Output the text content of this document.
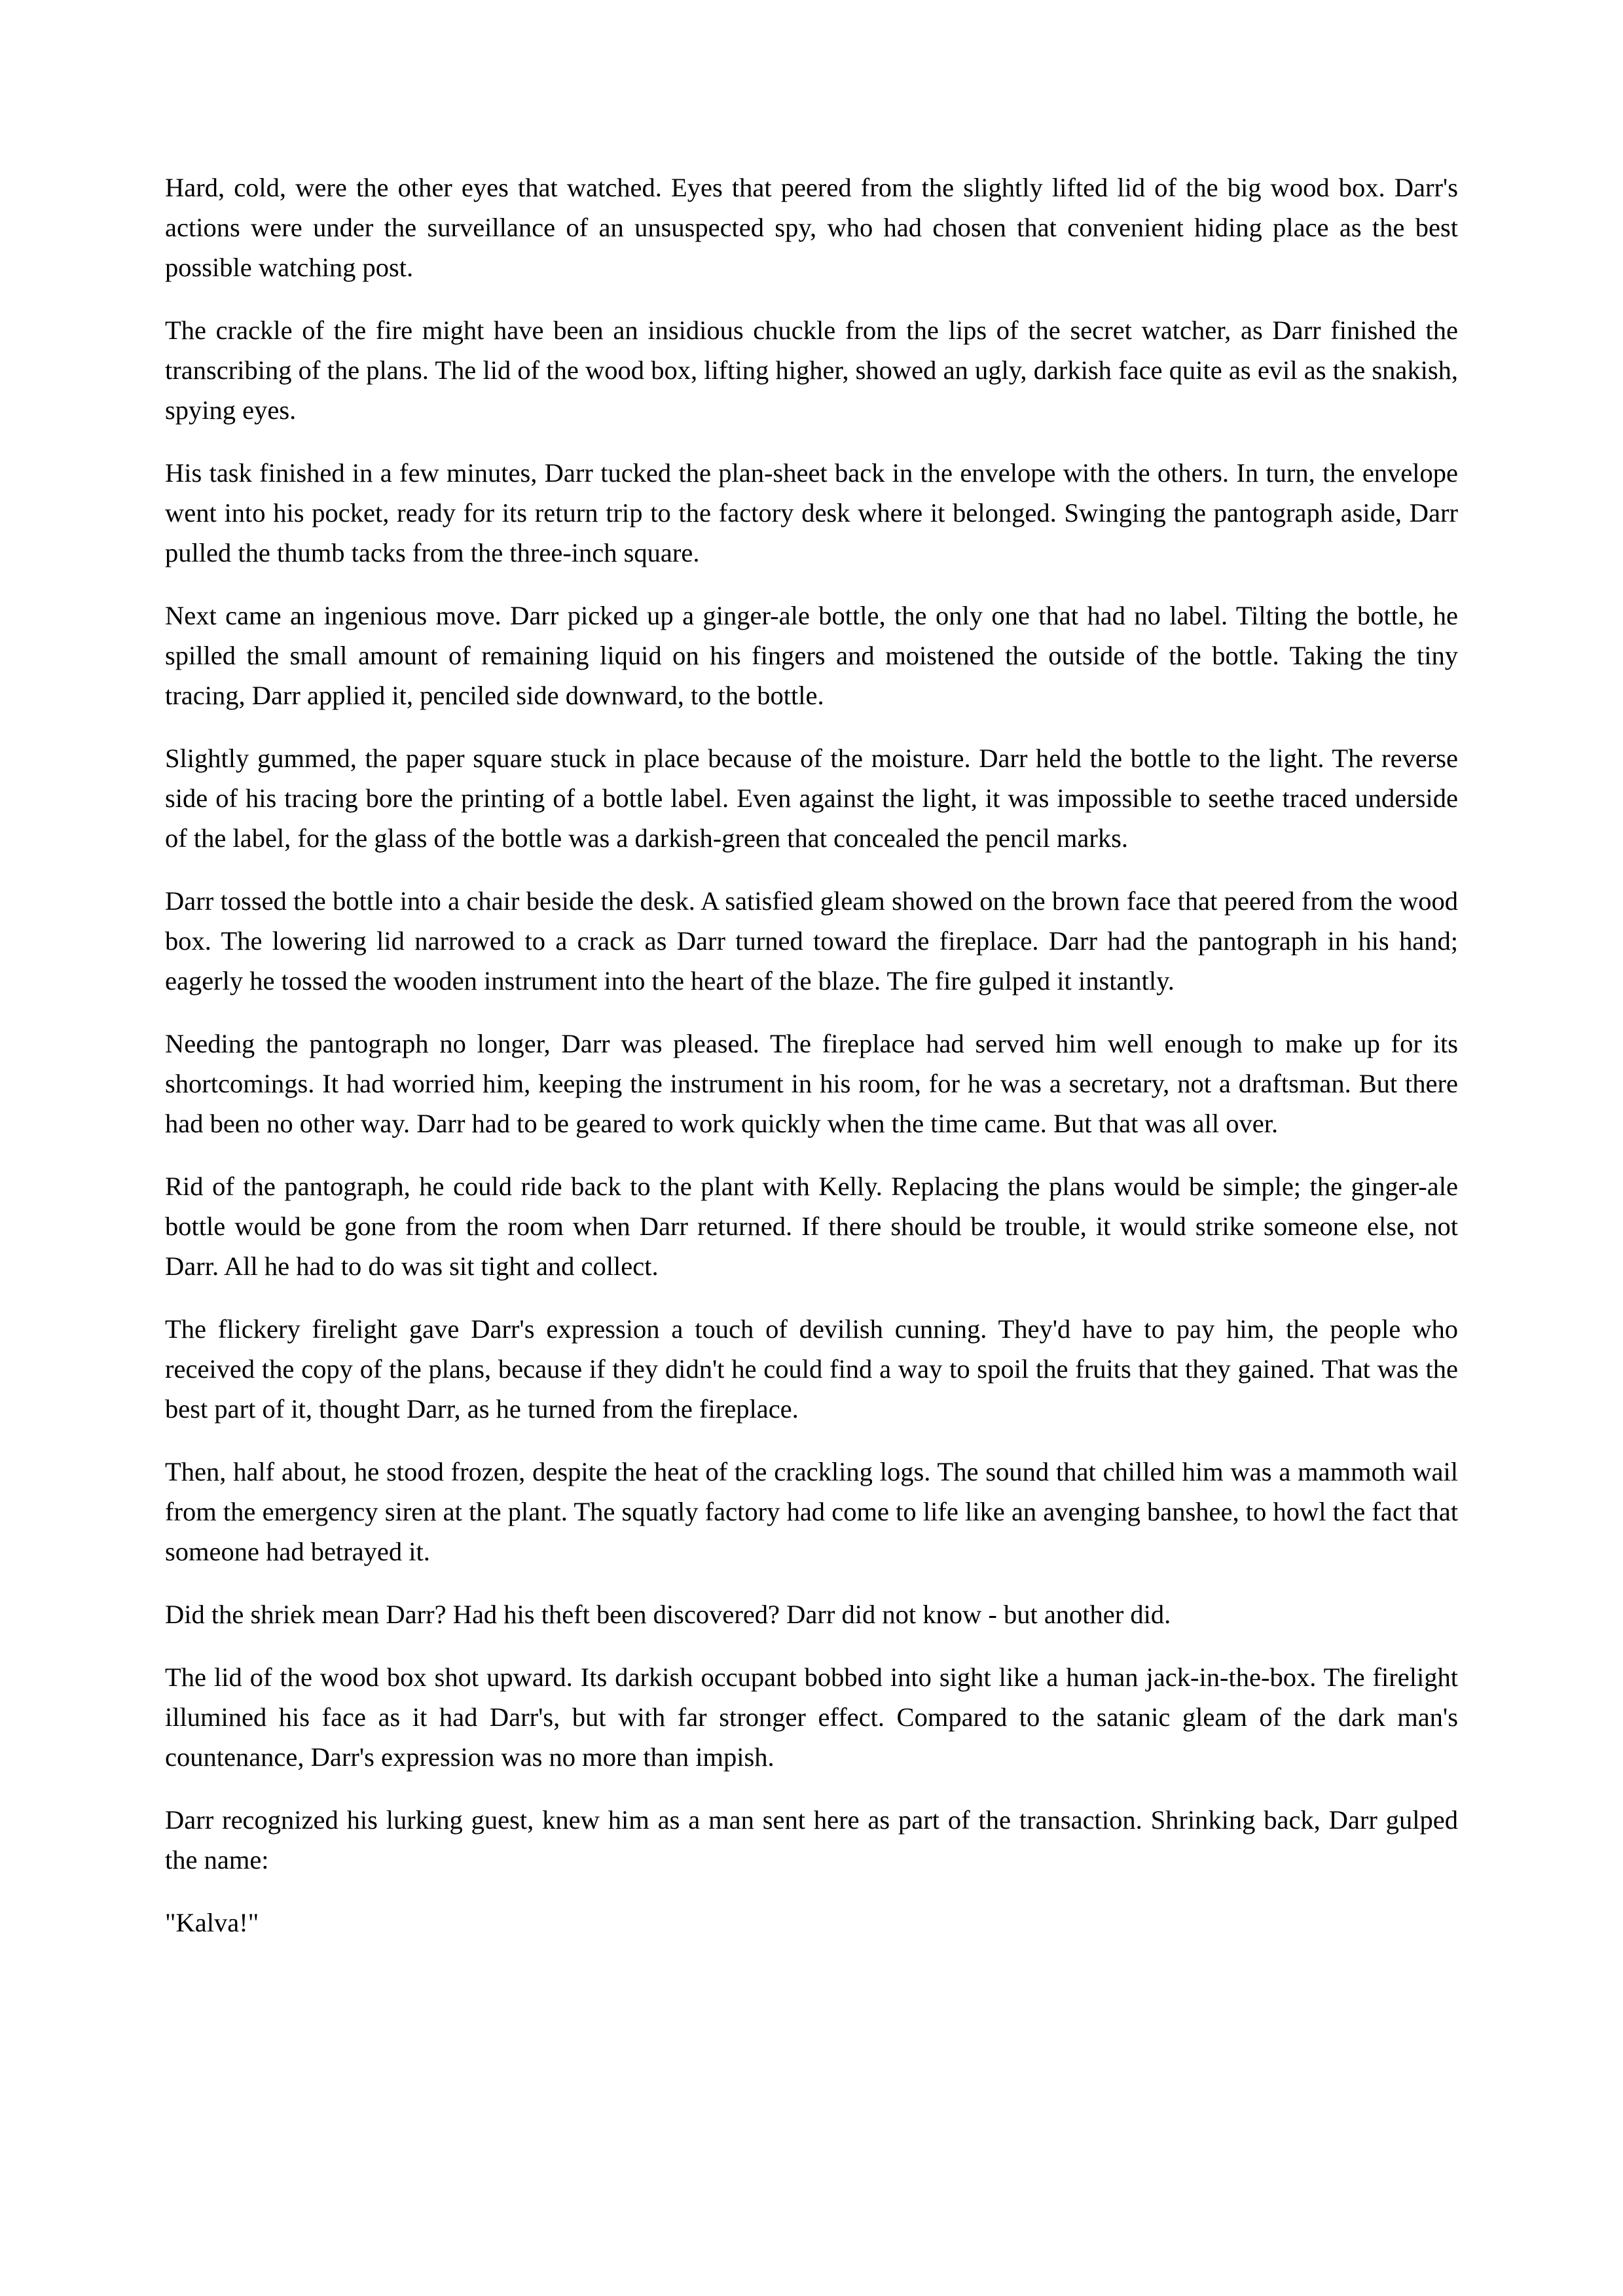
Hard, cold, were the other eyes that watched. Eyes that peered from the slightly lifted lid of the big wood box. Darr's actions were under the surveillance of an unsuspected spy, who had chosen that convenient hiding place as the best possible watching post.

The crackle of the fire might have been an insidious chuckle from the lips of the secret watcher, as Darr finished the transcribing of the plans. The lid of the wood box, lifting higher, showed an ugly, darkish face quite as evil as the snakish, spying eyes.

His task finished in a few minutes, Darr tucked the plan-sheet back in the envelope with the others. In turn, the envelope went into his pocket, ready for its return trip to the factory desk where it belonged. Swinging the pantograph aside, Darr pulled the thumb tacks from the three-inch square.

Next came an ingenious move. Darr picked up a ginger-ale bottle, the only one that had no label. Tilting the bottle, he spilled the small amount of remaining liquid on his fingers and moistened the outside of the bottle. Taking the tiny tracing, Darr applied it, penciled side downward, to the bottle.

Slightly gummed, the paper square stuck in place because of the moisture. Darr held the bottle to the light. The reverse side of his tracing bore the printing of a bottle label. Even against the light, it was impossible to seethe traced underside of the label, for the glass of the bottle was a darkish-green that concealed the pencil marks.

Darr tossed the bottle into a chair beside the desk. A satisfied gleam showed on the brown face that peered from the wood box. The lowering lid narrowed to a crack as Darr turned toward the fireplace. Darr had the pantograph in his hand; eagerly he tossed the wooden instrument into the heart of the blaze. The fire gulped it instantly.

Needing the pantograph no longer, Darr was pleased. The fireplace had served him well enough to make up for its shortcomings. It had worried him, keeping the instrument in his room, for he was a secretary, not a draftsman. But there had been no other way. Darr had to be geared to work quickly when the time came. But that was all over.

Rid of the pantograph, he could ride back to the plant with Kelly. Replacing the plans would be simple; the ginger-ale bottle would be gone from the room when Darr returned. If there should be trouble, it would strike someone else, not Darr. All he had to do was sit tight and collect.

The flickery firelight gave Darr's expression a touch of devilish cunning. They'd have to pay him, the people who received the copy of the plans, because if they didn't he could find a way to spoil the fruits that they gained. That was the best part of it, thought Darr, as he turned from the fireplace.

Then, half about, he stood frozen, despite the heat of the crackling logs. The sound that chilled him was a mammoth wail from the emergency siren at the plant. The squatly factory had come to life like an avenging banshee, to howl the fact that someone had betrayed it.

Did the shriek mean Darr? Had his theft been discovered? Darr did not know - but another did.

The lid of the wood box shot upward. Its darkish occupant bobbed into sight like a human jack-in-the-box. The firelight illumined his face as it had Darr's, but with far stronger effect. Compared to the satanic gleam of the dark man's countenance, Darr's expression was no more than impish.

Darr recognized his lurking guest, knew him as a man sent here as part of the transaction. Shrinking back, Darr gulped the name:

"Kalva!"
